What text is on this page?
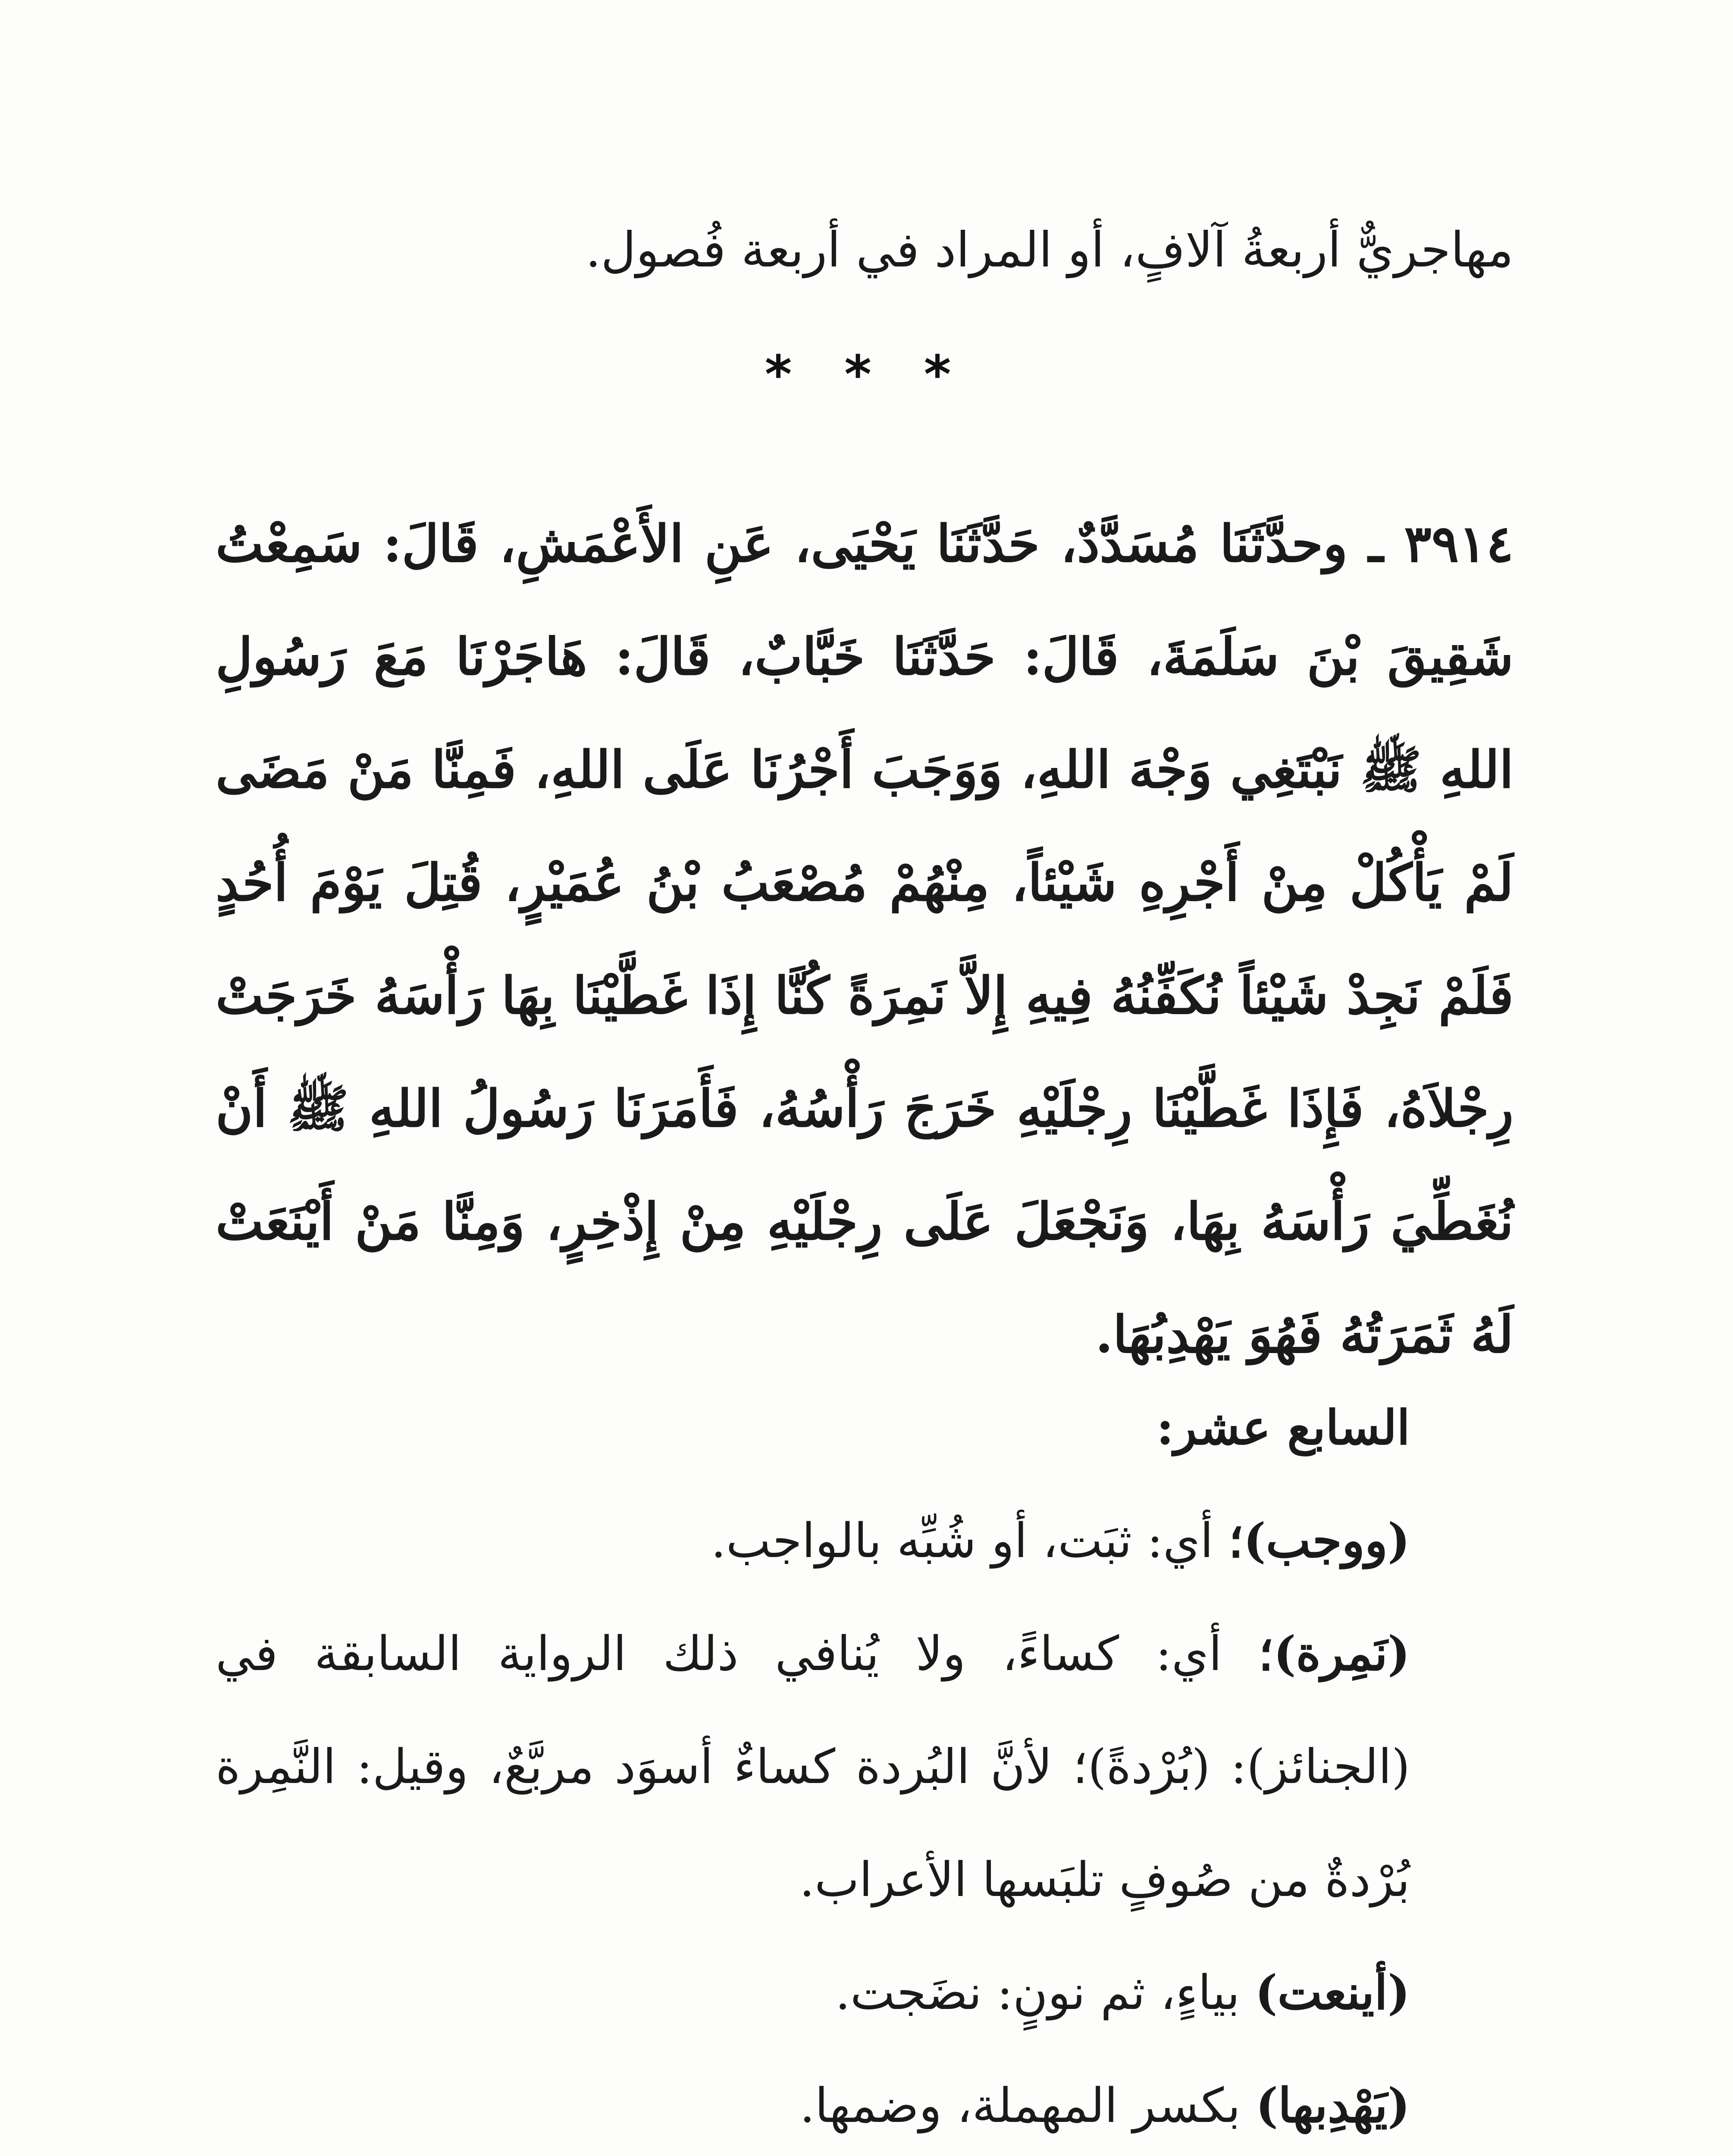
مهاجريٌّ أربعةُ آلافٍ، أو المراد في أربعة فُصول.
* * *
٣٩١٤ ـ وحدَّثَنَا مُسَدَّدٌ، حَدَّثَنَا يَحْيَى، عَنِ الأَعْمَشِ، قَالَ: سَمِعْتُ شَقِيقَ بْنَ سَلَمَةَ، قَالَ: حَدَّثَنَا خَبَّابٌ، قَالَ: هَاجَرْنَا مَعَ رَسُولِ اللهِ ﷺ نَبْتَغِي وَجْهَ اللهِ، وَوَجَبَ أَجْرُنَا عَلَى اللهِ، فَمِنَّا مَنْ مَضَى لَمْ يَأْكُلْ مِنْ أَجْرِهِ شَيْئاً، مِنْهُمْ مُصْعَبُ بْنُ عُمَيْرٍ، قُتِلَ يَوْمَ أُحُدٍ فَلَمْ نَجِدْ شَيْئاً نُكَفِّنُهُ فِيهِ إِلاَّ نَمِرَةً كُنَّا إِذَا غَطَّيْنَا بِهَا رَأْسَهُ خَرَجَتْ رِجْلاَهُ، فَإِذَا غَطَّيْنَا رِجْلَيْهِ خَرَجَ رَأْسُهُ، فَأَمَرَنَا رَسُولُ اللهِ ﷺ أَنْ نُغَطِّيَ رَأْسَهُ بِهَا، وَنَجْعَلَ عَلَى رِجْلَيْهِ مِنْ إِذْخِرٍ، وَمِنَّا مَنْ أَيْنَعَتْ لَهُ ثَمَرَتُهُ فَهُوَ يَهْدِبُهَا.

السابع عشر:

(ووجب)؛ أي: ثبَت، أو شُبِّه بالواجب.

(نَمِرة)؛ أي: كساءً، ولا يُنافي ذلك الرواية السابقة في (الجنائز): (بُرْدةً)؛ لأنَّ البُردة كساءٌ أسوَد مربَّعٌ، وقيل: النَّمِرة بُرْدةٌ من صُوفٍ تلبَسها الأعراب.

(أينعت) بياءٍ، ثم نونٍ: نضَجت.

(يَهْدِبها) بكسر المهملة، وضمها.
